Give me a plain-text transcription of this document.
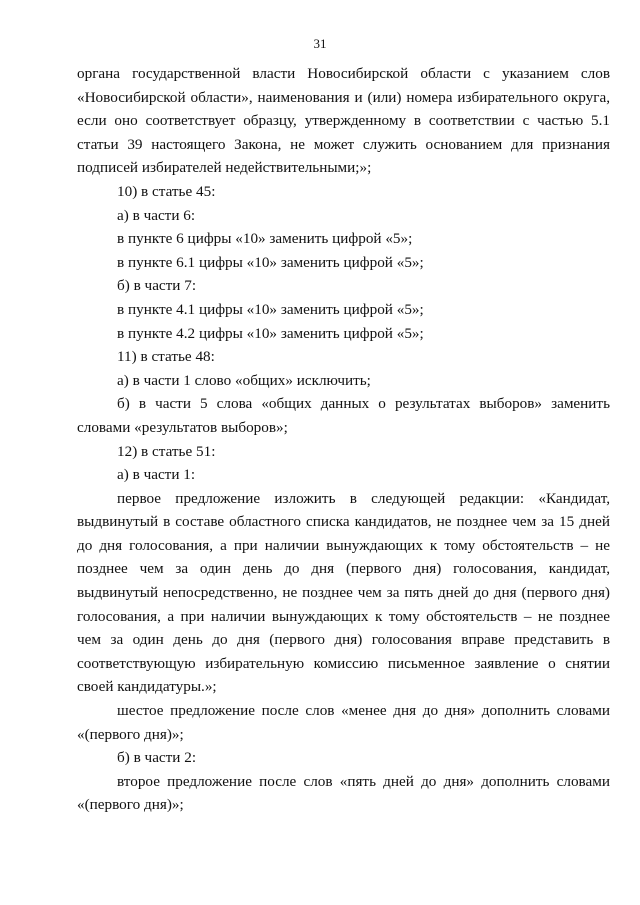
31

органа государственной власти Новосибирской области с указанием слов «Новосибирской области», наименования и (или) номера избирательного округа, если оно соответствует образцу, утвержденному в соответствии с частью 5.1 статьи 39 настоящего Закона, не может служить основанием для признания подписей избирателей недействительными;»;

10) в статье 45:

а) в части 6:

в пункте 6 цифры «10» заменить цифрой «5»;

в пункте 6.1 цифры «10» заменить цифрой «5»;

б) в части 7:

в пункте 4.1 цифры «10» заменить цифрой «5»;

в пункте 4.2 цифры «10» заменить цифрой «5»;

11) в статье 48:

а) в части 1 слово «общих» исключить;

б) в части 5 слова «общих данных о результатах выборов» заменить словами «результатов выборов»;

12) в статье 51:

а) в части 1:

первое предложение изложить в следующей редакции: «Кандидат, выдвинутый в составе областного списка кандидатов, не позднее чем за 15 дней до дня голосования, а при наличии вынуждающих к тому обстоятельств – не позднее чем за один день до дня (первого дня) голосования, кандидат, выдвинутый непосредственно, не позднее чем за пять дней до дня (первого дня) голосования, а при наличии вынуждающих к тому обстоятельств – не позднее чем за один день до дня (первого дня) голосования вправе представить в соответствующую избирательную комиссию письменное заявление о снятии своей кандидатуры.»;

шестое предложение после слов «менее дня до дня» дополнить словами «(первого дня)»;

б) в части 2:

второе предложение после слов «пять дней до дня» дополнить словами «(первого дня)»;
